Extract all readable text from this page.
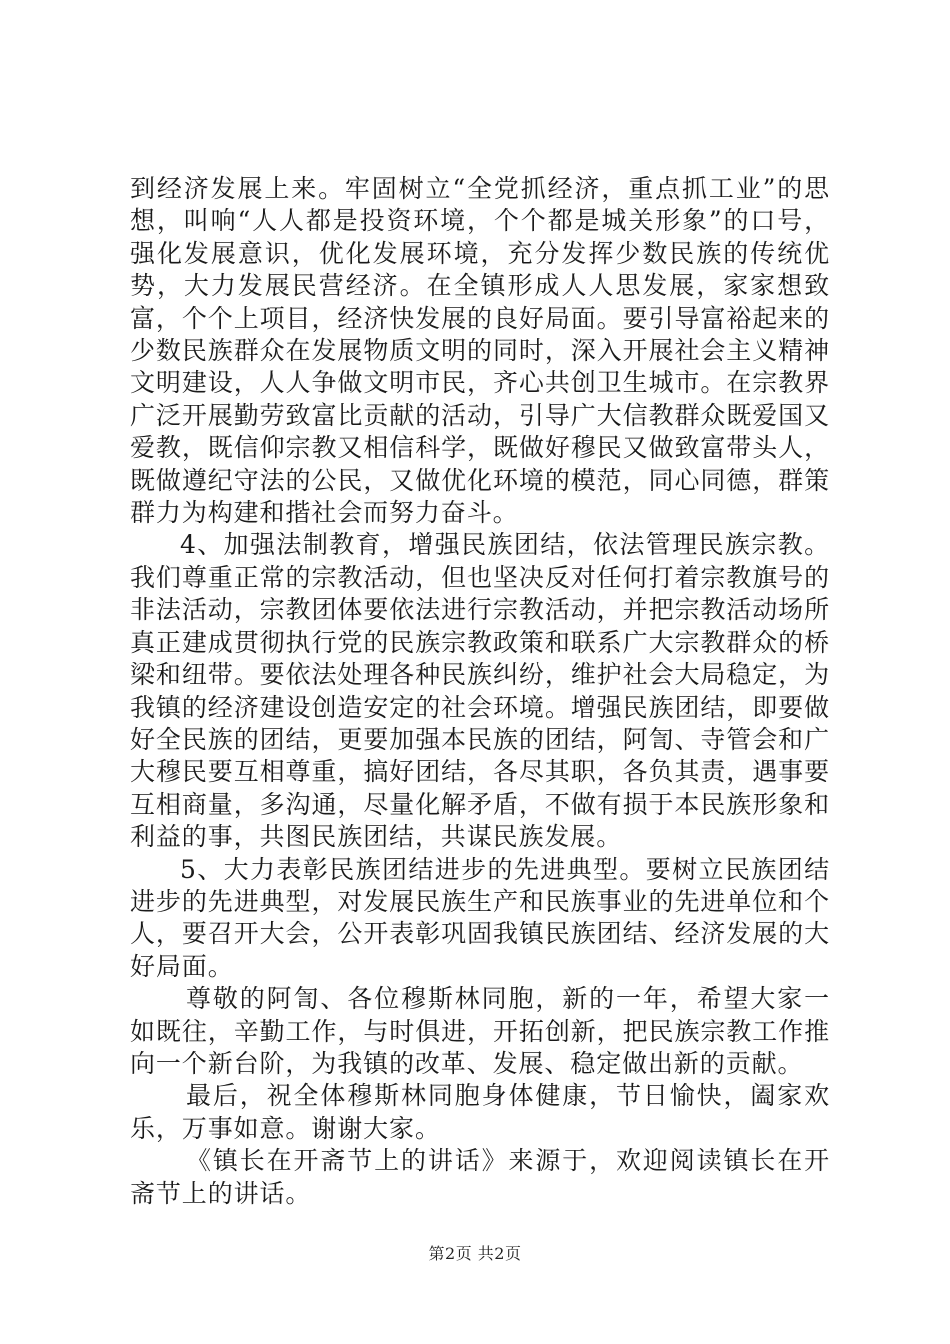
到经济发展上来。牢固树立“全党抓经济，重点抓工业”的思想，叫响“人人都是投资环境，个个都是城关形象”的口号，强化发展意识，优化发展环境，充分发挥少数民族的传统优势，大力发展民营经济。在全镇形成人人思发展，家家想致富，个个上项目，经济快发展的良好局面。要引导富裕起来的少数民族群众在发展物质文明的同时，深入开展社会主义精神文明建设，人人争做文明市民，齐心共创卫生城市。在宗教界广泛开展勤劳致富比贡献的活动，引导广大信教群众既爱国又爱教，既信仰宗教又相信科学，既做好穆民又做致富带头人，既做遵纪守法的公民，又做优化环境的模范，同心同德，群策群力为构建和揩社会而努力奋斗。

4、加强法制教育，增强民族团结，依法管理民族宗教。我们尊重正常的宗教活动，但也坚决反对任何打着宗教旗号的非法活动，宗教团体要依法进行宗教活动，并把宗教活动场所真正建成贯彻执行党的民族宗教政策和联系广大宗教群众的桥梁和纽带。要依法处理各种民族纠纷，维护社会大局稳定，为我镇的经济建设创造安定的社会环境。增强民族团结，即要做好全民族的团结，更要加强本民族的团结，阿訇、寺管会和广大穆民要互相尊重，搞好团结，各尽其职，各负其责，遇事要互相商量，多沟通，尽量化解矛盾，不做有损于本民族形象和利益的事，共图民族团结，共谋民族发展。

5、大力表彰民族团结进步的先进典型。要树立民族团结进步的先进典型，对发展民族生产和民族事业的先进单位和个人，要召开大会，公开表彰巩固我镇民族团结、经济发展的大好局面。

尊敬的阿訇、各位穆斯林同胞，新的一年，希望大家一如既往，辛勤工作，与时俱进，开拓创新，把民族宗教工作推向一个新台阶，为我镇的改革、发展、稳定做出新的贡献。

最后，祝全体穆斯林同胞身体健康，节日愉快，阖家欢乐，万事如意。谢谢大家。

《镇长在开斋节上的讲话》来源于，欢迎阅读镇长在开斋节上的讲话。

第2页 共2页
